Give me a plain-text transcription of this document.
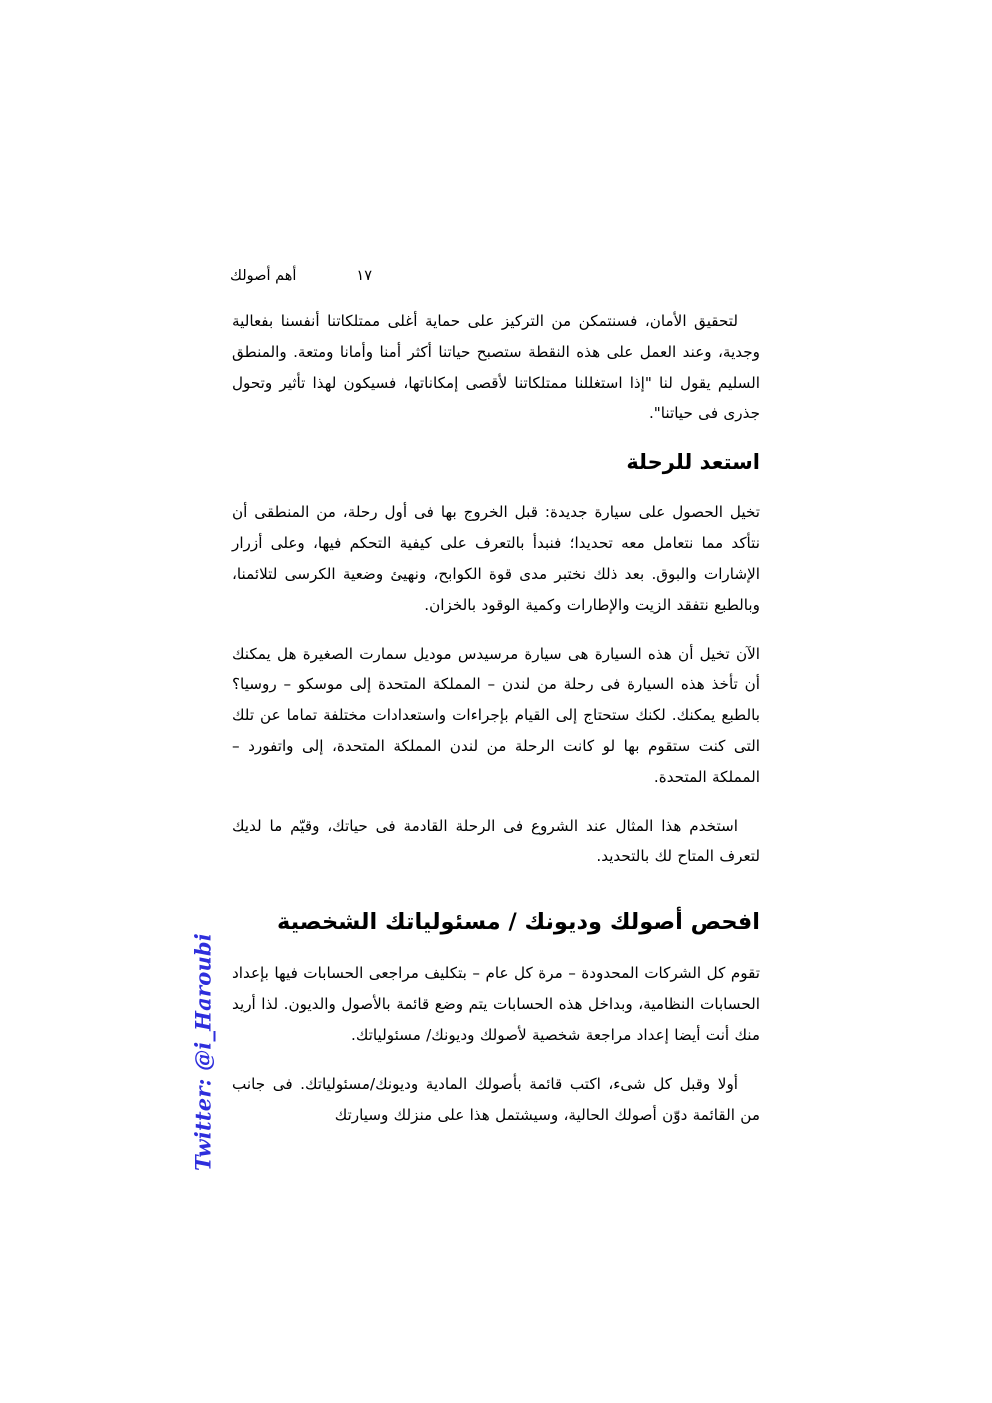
١٧
أهم أصولك

لتحقيق الأمان، فسنتمكن من التركيز على حماية أغلى ممتلكاتنا أنفسنا بفعالية وجدية، وعند العمل على هذه النقطة ستصبح حياتنا أكثر أمنا وأمانا ومتعة. والمنطق السليم يقول لنا "إذا استغللنا ممتلكاتنا لأقصى إمكاناتها، فسيكون لهذا تأثير وتحول جذرى فى حياتنا".

استعد للرحلة

تخيل الحصول على سيارة جديدة: قبل الخروج بها فى أول رحلة، من المنطقى أن نتأكد مما نتعامل معه تحديدا؛ فنبدأ بالتعرف على كيفية التحكم فيها، وعلى أزرار الإشارات والبوق. بعد ذلك نختبر مدى قوة الكوابح، ونهيئ وضعية الكرسى لتلائمنا، وبالطبع نتفقد الزيت والإطارات وكمية الوقود بالخزان.

الآن تخيل أن هذه السيارة هى سيارة مرسيدس موديل سمارت الصغيرة هل يمكنك أن تأخذ هذه السيارة فى رحلة من لندن – المملكة المتحدة إلى موسكو – روسيا؟ بالطبع يمكنك. لكنك ستحتاج إلى القيام بإجراءات واستعدادات مختلفة تماما عن تلك التى كنت ستقوم بها لو كانت الرحلة من لندن المملكة المتحدة، إلى واتفورد – المملكة المتحدة.

استخدم هذا المثال عند الشروع فى الرحلة القادمة فى حياتك، وقيّم ما لديك لتعرف المتاح لك بالتحديد.

افحص أصولك وديونك / مسئولياتك الشخصية

تقوم كل الشركات المحدودة – مرة كل عام – بتكليف مراجعى الحسابات فيها بإعداد الحسابات النظامية، وبداخل هذه الحسابات يتم وضع قائمة بالأصول والديون. لذا أريد منك أنت أيضا إعداد مراجعة شخصية لأصولك وديونك/ مسئولياتك.

أولا وقبل كل شىء، اكتب قائمة بأصولك المادية وديونك/مسئولياتك. فى جانب من القائمة دوّن أصولك الحالية، وسيشتمل هذا على منزلك وسيارتك

Twitter: @i_Haroubi
